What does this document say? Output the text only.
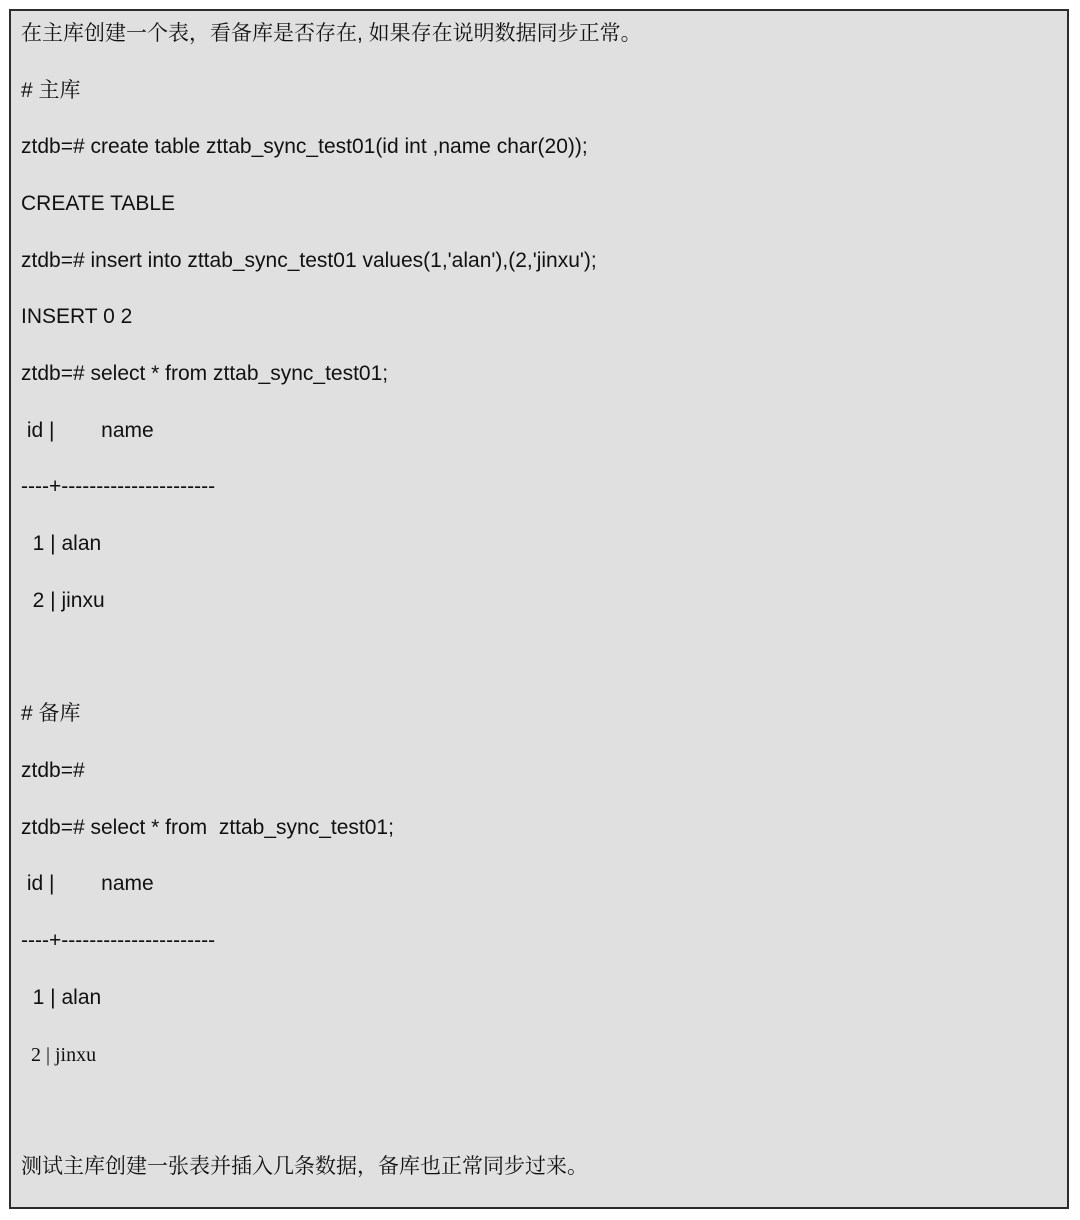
在主库创建一个表，看备库是否存在, 如果存在说明数据同步正常。
# 主库
ztdb=# create table zttab_sync_test01(id int ,name char(20));
CREATE TABLE
ztdb=# insert into zttab_sync_test01 values(1,'alan'),(2,'jinxu');
INSERT 0 2
ztdb=# select * from zttab_sync_test01;
id |        name
----+----------------------
1 | alan
2 | jinxu
# 备库
ztdb=#
ztdb=# select * from  zttab_sync_test01;
id |        name
----+----------------------
1 | alan
2 | jinxu
测试主库创建一张表并插入几条数据，备库也正常同步过来。
